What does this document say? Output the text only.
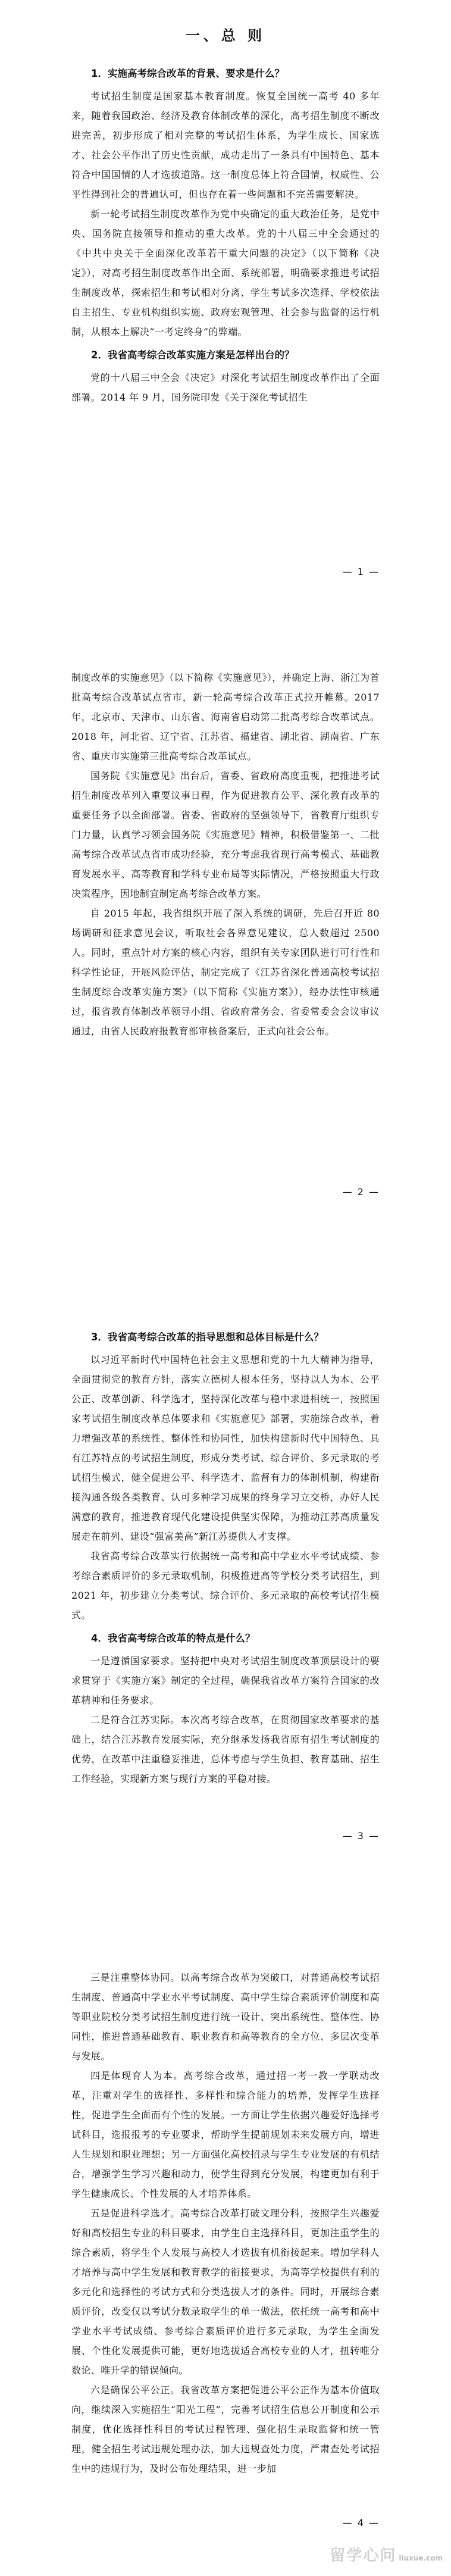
一、总 则

1．实施高考综合改革的背景、要求是什么？

考试招生制度是国家基本教育制度。恢复全国统一高考 40 多年来，随着我国政治、经济及教育体制改革的深化，高考招生制度不断改进完善，初步形成了相对完整的考试招生体系，为学生成长、国家选才、社会公平作出了历史性贡献，成功走出了一条具有中国特色、基本符合中国国情的人才选拔道路。这一制度总体上符合国情，权威性、公平性得到社会的普遍认可，但也存在着一些问题和不完善需要解决。

新一轮考试招生制度改革作为党中央确定的重大政治任务，是党中央、国务院直接领导和推动的重大改革。党的十八届三中全会通过的《中共中央关于全面深化改革若干重大问题的决定》（以下简称《决定》），对高考招生制度改革作出全面、系统部署，明确要求推进考试招生制度改革，探索招生和考试相对分离、学生考试多次选择、学校依法自主招生、专业机构组织实施、政府宏观管理、社会参与监督的运行机制，从根本上解决“一考定终身”的弊端。

2．我省高考综合改革实施方案是怎样出台的？

党的十八届三中全会《决定》对深化考试招生制度改革作出了全面部署。2014 年 9 月，国务院印发《关于深化考试招生

— 1 —

制度改革的实施意见》（以下简称《实施意见》），并确定上海、浙江为首批高考综合改革试点省市，新一轮高考综合改革正式拉开帷幕。2017 年，北京市、天津市、山东省、海南省启动第二批高考综合改革试点。2018 年，河北省、辽宁省、江苏省、福建省、湖北省、湖南省、广东省、重庆市实施第三批高考综合改革试点。

国务院《实施意见》出台后，省委、省政府高度重视，把推进考试招生制度改革列入重要议事日程，作为促进教育公平、深化教育改革的重要任务予以全面部署。省委、省政府的坚强领导下，省教育厅组织专门力量，认真学习领会国务院《实施意见》精神，积极借鉴第一、二批高考综合改革试点省市成功经验，充分考虑我省现行高考模式、基础教育发展水平、高等教育和学科专业布局等实际情况，严格按照重大行政决策程序，因地制宜制定高考综合改革方案。

自 2015 年起，我省组织开展了深入系统的调研，先后召开近 80 场调研和征求意见会议，听取社会各界意见建议，总人数超过 2500 人。同时，重点针对方案的核心内容，组织有关专家团队进行可行性和科学性论证，开展风险评估，制定完成了《江苏省深化普通高校考试招生制度综合改革实施方案》（以下简称《实施方案》），经办法性审核通过，报省教育体制改革领导小组、省政府常务会、省委常委会会议审议通过，由省人民政府报教育部审核备案后，正式向社会公布。

— 2 —

3．我省高考综合改革的指导思想和总体目标是什么？

以习近平新时代中国特色社会主义思想和党的十九大精神为指导，全面贯彻党的教育方针，落实立德树人根本任务，坚持以人为本、公平公正、改革创新、科学选才，坚持深化改革与稳中求进相统一，按照国家考试招生制度改革总体要求和《实施意见》部署，实施综合改革，着力增强改革的系统性、整体性和协同性，加快构建新时代中国特色、具有江苏特点的考试招生制度，形成分类考试、综合评价、多元录取的考试招生模式，健全促进公平、科学选才、监督有力的体制机制，构建衔接沟通各级各类教育、认可多种学习成果的终身学习立交桥，办好人民满意的教育，推进教育现代化建设提供坚实保障，为推动江苏高质量发展走在前列、建设“强富美高”新江苏提供人才支撑。

我省高考综合改革实行依据统一高考和高中学业水平考试成绩、参考综合素质评价的多元录取机制，积极推进高等学校分类考试招生，到 2021 年，初步建立分类考试、综合评价、多元录取的高校考试招生模式。

4．我省高考综合改革的特点是什么？

一是遵循国家要求。坚持把中央对考试招生制度改革顶层设计的要求贯穿于《实施方案》制定的全过程，确保我省改革方案符合国家的改革精神和任务要求。

二是符合江苏实际。本次高考综合改革，在贯彻国家改革要求的基础上，结合江苏教育发展实际，充分继承发扬我省原有招生考试制度的优势，在改革中注重稳妥推进，总体考虑与学生负担、教育基础、招生工作经验，实现新方案与现行方案的平稳对接。

— 3 —

三是注重整体协同。以高考综合改革为突破口，对普通高校考试招生制度、普通高中学业水平考试制度、高中学生综合素质评价制度和高等职业院校分类考试招生制度进行统一设计、突出系统性、整体性、协同性，推进普通基础教育、职业教育和高等教育的全方位、多层次变革与发展。

四是体现育人为本。高考综合改革，通过招一考一教一学联动改革，注重对学生的选择性、多样性和综合能力的培养，发挥学生选择性，促进学生全面而有个性的发展。一方面让学生依据兴趣爱好选择考试科目，选报报考的专业要求，帮助学生提前规划未来发展方向，增进人生规划和职业理想；另一方面强化高校招录与学生专业发展的有机结合，增强学生学习兴趣和动力，使学生得到充分发展，构建更加有利于学生健康成长、个性发展的人才培养体系。

五是促进科学选才。高考综合改革打破文理分科，按照学生兴趣爱好和高校招生专业的科目要求，由学生自主选择科目，更加注重学生的综合素质，将学生个人发展与高校人才选拔有机衔接起来。增加学科人才培养与高中学生发展和教育教学的衔接要求，为高等学校提供有利的多元化和选择性的考试方式和分类选拔人才的条件。同时，开展综合素质评价，改变仅以考试分数录取学生的单一做法，依托统一高考和高中学业水平考试成绩、参考综合素质评价进行多元录取，为学生全面发展、个性化发展提供可能，更好地选拔适合高校专业的人才，扭转唯分数论、唯升学的错误倾向。

六是确保公平公正。我省改革方案把促进公平公正作为基本价值取向，继续深入实施招生“阳光工程”，完善考试招生信息公开制度和公示制度，优化选择性科目的考试过程管理、强化招生录取监督和统一管理，健全招生考试违规处理办法，加大违规查处力度，严肃查处考试招生中的违规行为，及时公布处理结果，进一步加

— 4 —
留学心问 liuxue.com
